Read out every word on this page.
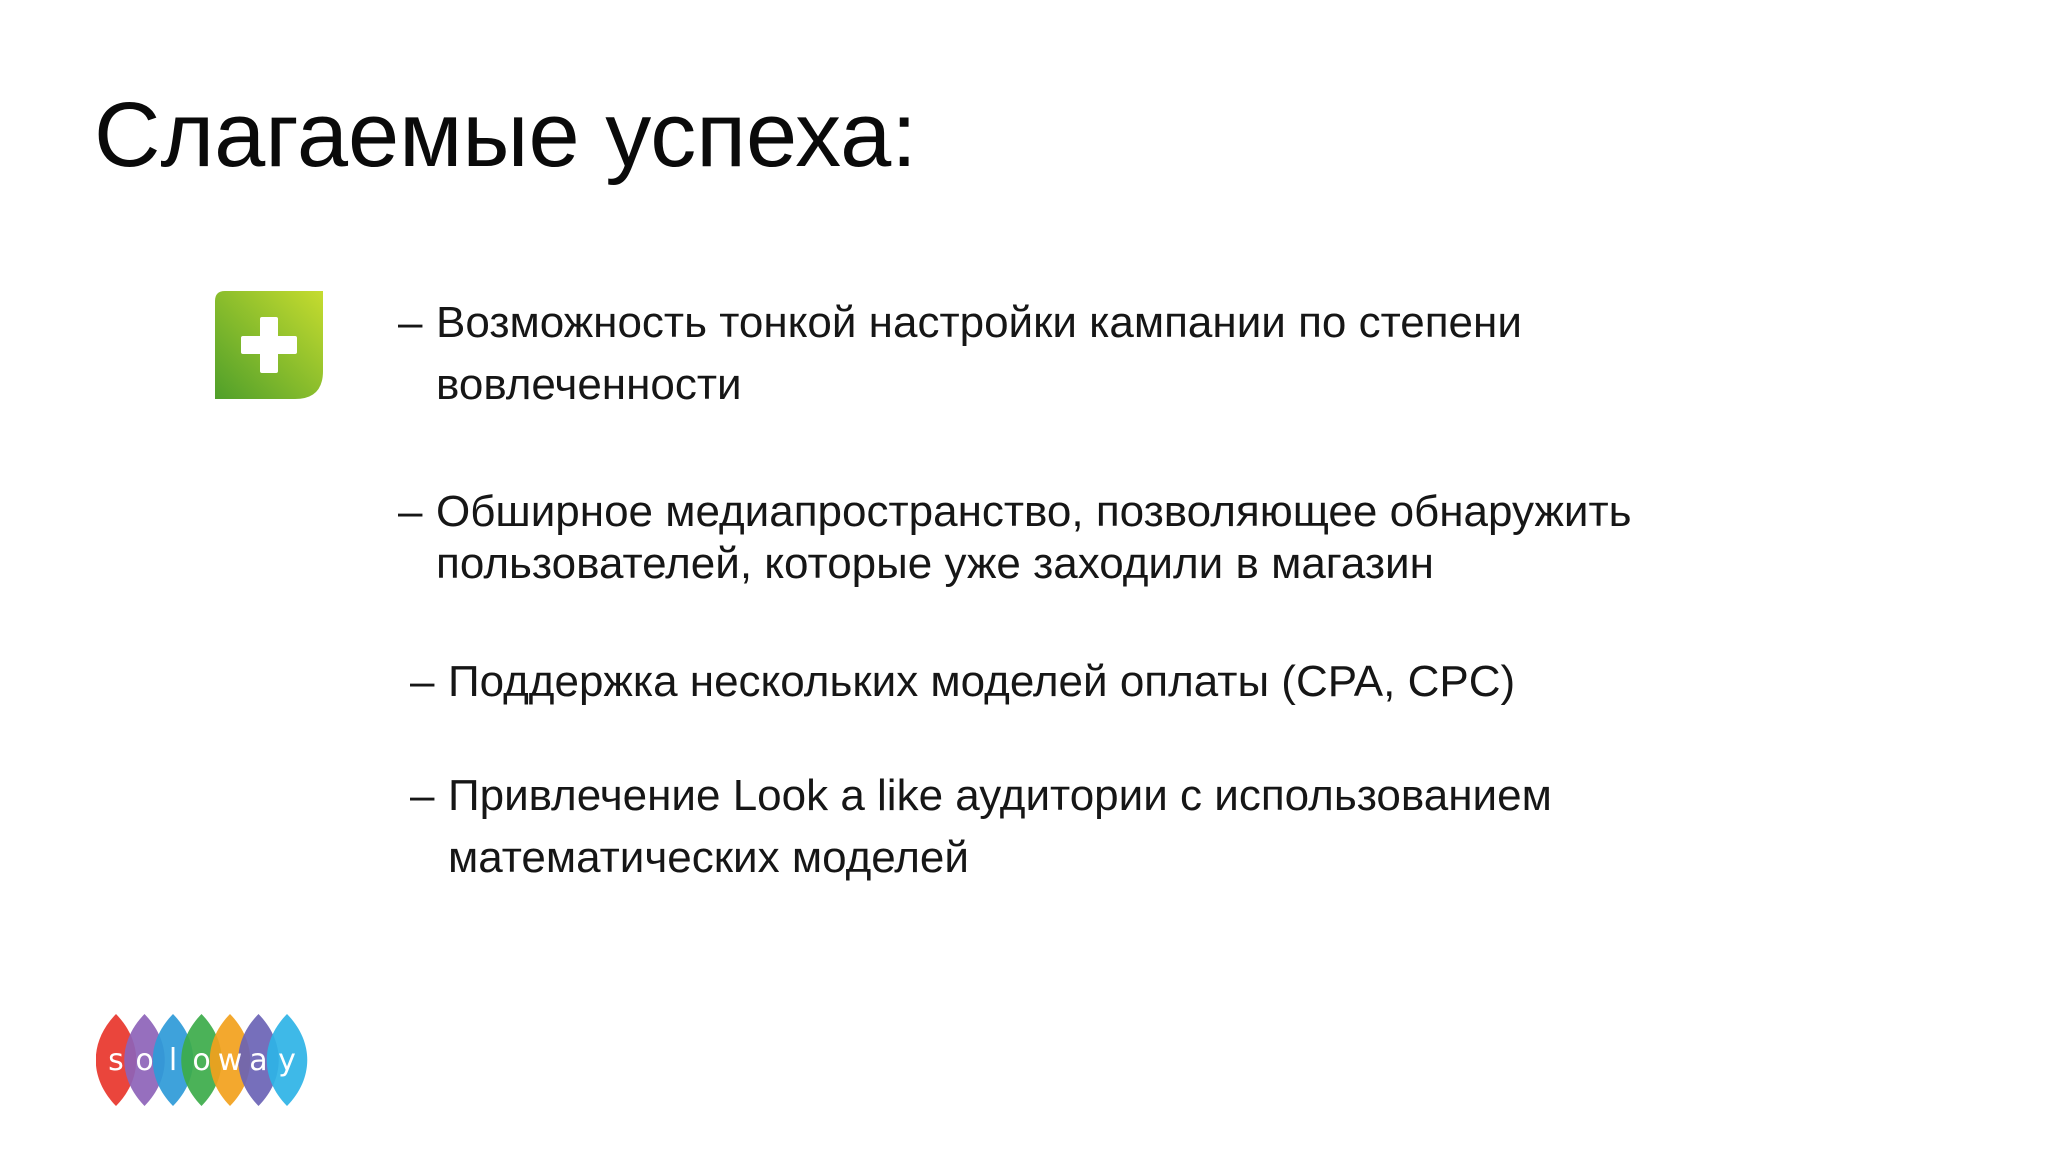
Слагаемые успеха:
– Возможность тонкой настройки кампании по степени
вовлеченности
– Обширное медиапространство, позволяющее обнаружить
пользователей, которые уже заходили в магазин
– Поддержка нескольких моделей оплаты (CPA, CPC)
– Привлечение Look a like аудитории с использованием
математических моделей
s o l o w a y
